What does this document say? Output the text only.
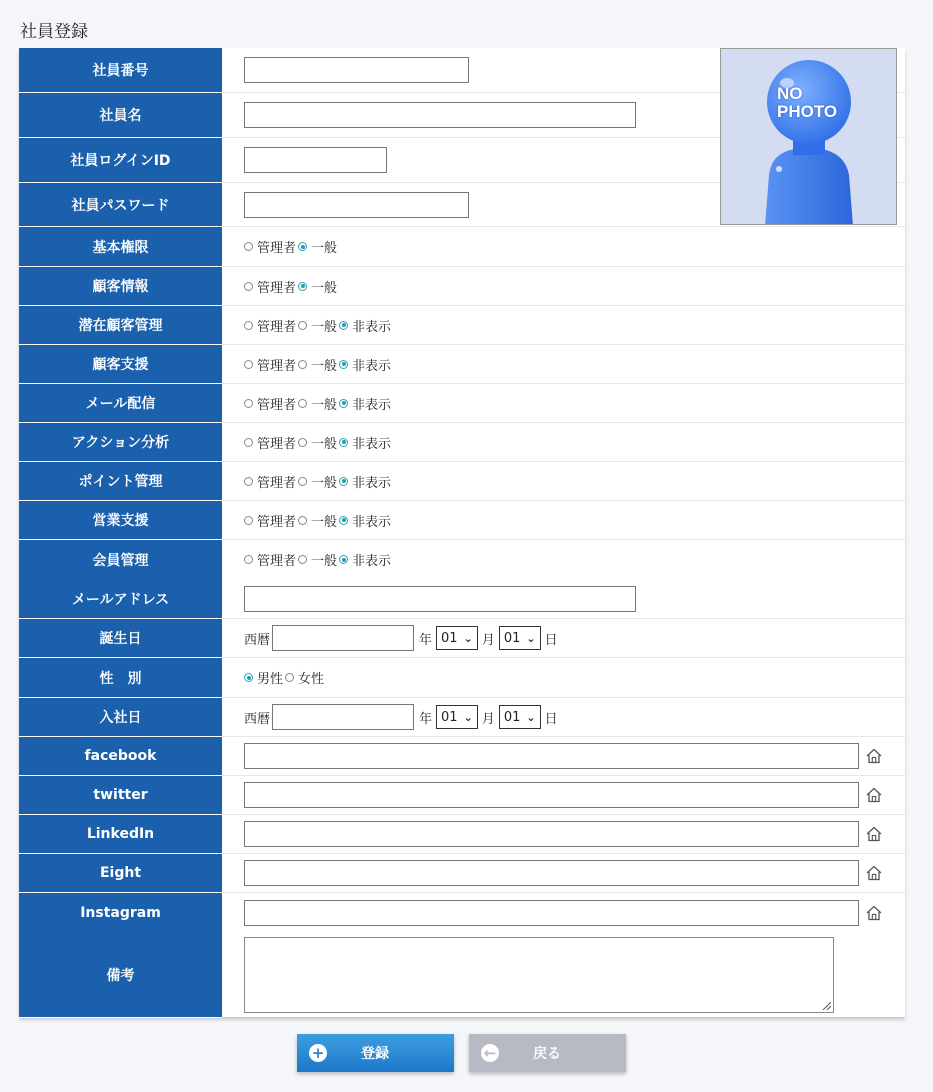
社員登録
NO
PHOTO
社員番号
社員名
社員ログインID
社員パスワード
基本権限	管理者 一般
顧客情報	管理者 一般
潜在顧客管理	管理者 一般 非表示
顧客支援	管理者 一般 非表示
メール配信	管理者 一般 非表示
アクション分析	管理者 一般 非表示
ポイント管理	管理者 一般 非表示
営業支援	管理者 一般 非表示
会員管理	管理者 一般 非表示
メールアドレス
誕生日	西暦	年 01 ⌄ 月 01 ⌄ 日
性　別	男性 女性
入社日	西暦	年 01 ⌄ 月 01 ⌄ 日
facebook
twitter
LinkedIn
Eight
Instagram
備考
+	登録	←	戻る
